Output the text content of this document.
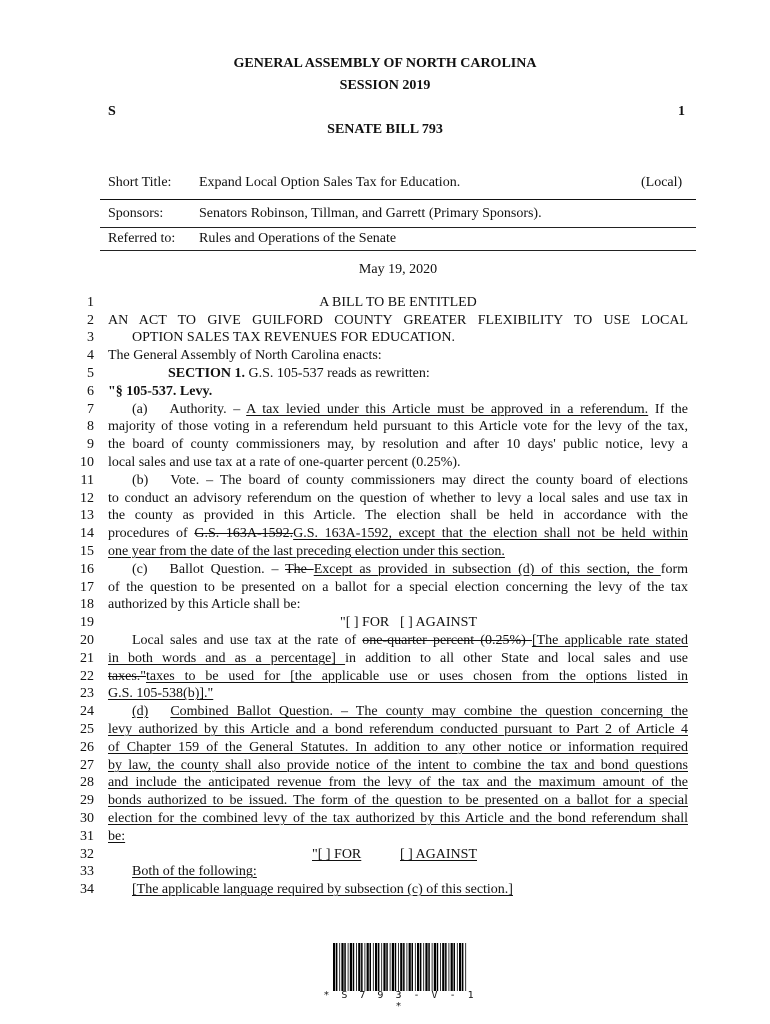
GENERAL ASSEMBLY OF NORTH CAROLINA
SESSION 2019
S	1
SENATE BILL 793
Short Title: Expand Local Option Sales Tax for Education.	(Local)
Sponsors:	Senators Robinson, Tillman, and Garrett (Primary Sponsors).
Referred to: Rules and Operations of the Senate
May 19, 2020
1
2
3
4
5
6
7
8
9
10
11
12
13
14
15
16
17
18
19
20
21
22
23
24
25
26
27
28
29
30
31
32
33
34
A BILL TO BE ENTITLED
AN ACT TO GIVE GUILFORD COUNTY GREATER FLEXIBILITY TO USE LOCAL
OPTION SALES TAX REVENUES FOR EDUCATION.
The General Assembly of North Carolina enacts:
SECTION 1. G.S. 105-537 reads as rewritten:
"§ 105-537. Levy.
(a) Authority. – A tax levied under this Article must be approved in a referendum. If the
majority of those voting in a referendum held pursuant to this Article vote for the levy of the tax,
the board of county commissioners may, by resolution and after 10 days' public notice, levy a
local sales and use tax at a rate of one-quarter percent (0.25%).
(b) Vote. – The board of county commissioners may direct the county board of elections
to conduct an advisory referendum on the question of whether to levy a local sales and use tax in
the county as provided in this Article. The election shall be held in accordance with the
procedures of G.S. 163A-1592.G.S. 163A-1592, except that the election shall not be held within
one year from the date of the last preceding election under this section.
(c) Ballot Question. – The Except as provided in subsection (d) of this section, the form
of the question to be presented on a ballot for a special election concerning the levy of the tax
authorized by this Article shall be:
"[ ] FOR [ ] AGAINST
Local sales and use tax at the rate of one-quarter percent (0.25%) [The applicable rate stated
in both words and as a percentage] in addition to all other State and local sales and use
taxes."taxes to be used for [the applicable use or uses chosen from the options listed in
G.S. 105-538(b)]."
(d) Combined Ballot Question. – The county may combine the question concerning the
levy authorized by this Article and a bond referendum conducted pursuant to Part 2 of Article 4
of Chapter 159 of the General Statutes. In addition to any other notice or information required
by law, the county shall also provide notice of the intent to combine the tax and bond questions
and include the anticipated revenue from the levy of the tax and the maximum amount of the
bonds authorized to be issued. The form of the question to be presented on a ballot for a special
election for the combined levy of the tax authorized by this Article and the bond referendum shall
be:
"[ ] FOR	[ ] AGAINST
Both of the following:
[The applicable language required by subsection (c) of this section.]
* S 7 9 3 - V - 1 *
